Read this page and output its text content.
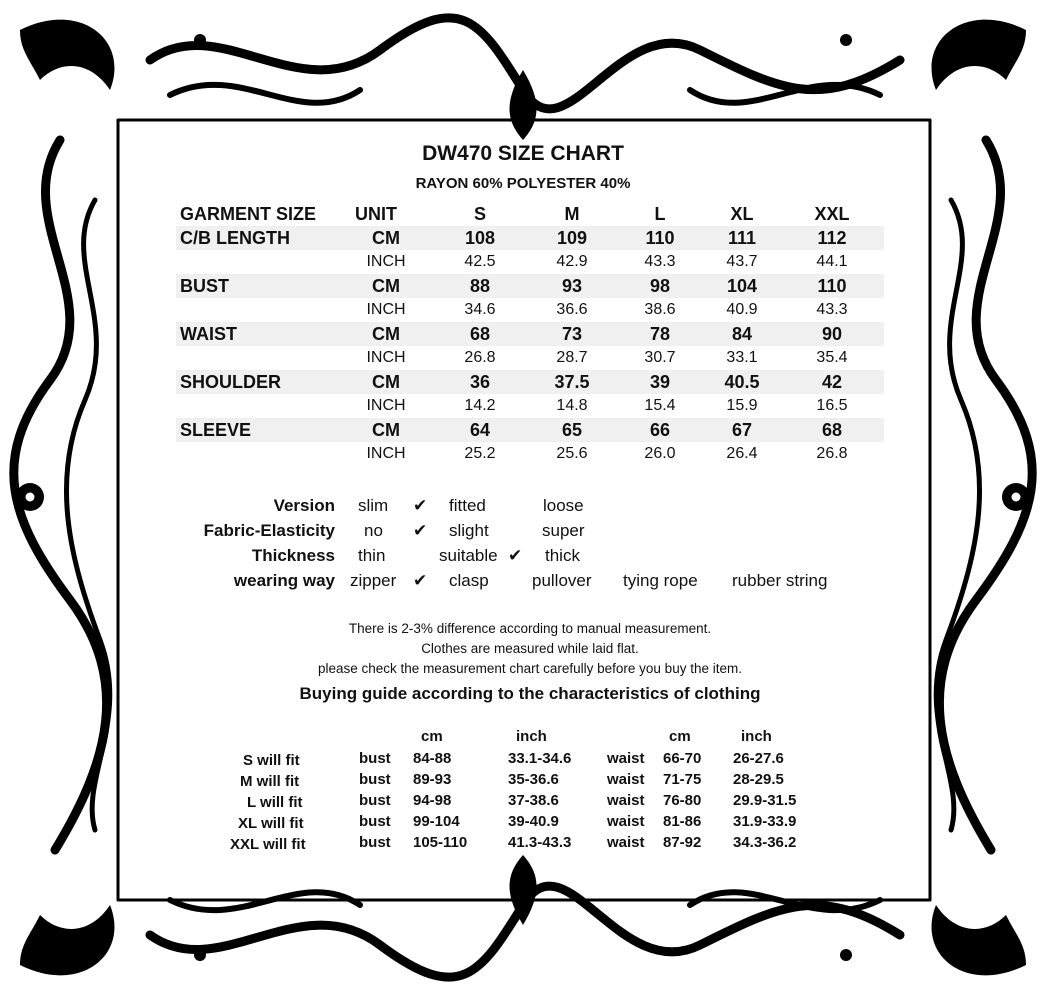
DW470 SIZE CHART
RAYON 60% POLYESTER 40%
GARMENT SIZE	UNIT	S	M	L	XL	XXL
C/B LENGTH	CM	108	109	110	111	112
INCH	42.5	42.9	43.3	43.7	44.1
BUST	CM	88	93	98	104	110
INCH	34.6	36.6	38.6	40.9	43.3
WAIST	CM	68	73	78	84	90
INCH	26.8	28.7	30.7	33.1	35.4
SHOULDER	CM	36	37.5	39	40.5	42
INCH	14.2	14.8	15.4	15.9	16.5
SLEEVE	CM	64	65	66	67	68
INCH	25.2	25.6	26.0	26.4	26.8
Version slim ✔ fitted	loose
Fabric-Elasticity no ✔ slight	super
Thickness thin	suitable ✔ thick
wearing way zipper ✔ clasp	pullover tying rope rubber string
There is 2-3% difference according to manual measurement.
Clothes are measured while laid flat.
please check the measurement chart carefully before you buy the item.
Buying guide according to the characteristics of clothing
cm	inch	cm	inch
S will fit	bust 84-88	33.1-34.6 waist 66-70 26-27.6
M will fit	bust 89-93	35-36.6	waist 71-75 28-29.5
L will fit	bust 94-98	37-38.6	waist 76-80 29.9-31.5
XL will fit	bust 99-104	39-40.9	waist 81-86 31.9-33.9
XXL will fit	bust 105-110	41.3-43.3 waist 87-92 34.3-36.2
